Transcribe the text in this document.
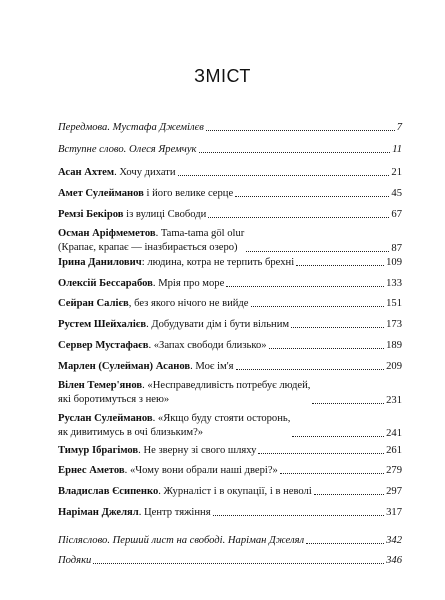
ЗМІСТ
Передмова. Мустафа Джемілєв	7
Вступне слово. Олеся Яремчук	11
Асан Ахтем. Хочу дихати	21
Амет Сулейманов і його велике серце	45
Ремзі Бекіров із вулиці Свободи	67
Осман Аріфмеметов. Tama-tama göl olur
(Крапає, крапає — іназбирається озеро)	87
Ірина Данилович: людина, котра не терпить брехні	109
Олексій Бессарабов. Мрія про море	133
Сейран Салієв, без якого нічого не вийде	151
Рустем Шейхалієв. Добудувати дім і бути вільним	173
Сервер Мустафаєв. «Запах свободи близько»	189
Марлен (Сулейман) Асанов. Моє ім'я	209
Вілен Темер'янов. «Несправедливість потребує людей,
які боротимуться з нею»	231
Руслан Сулейманов. «Якщо буду стояти осторонь,
як дивитимусь в очі близьким?»	241
Тимур Ібрагімов. Не зверну зі свого шляху	261
Ернес Аметов. «Чому вони обрали наші двері?»	279
Владислав Єсипенко. Журналіст і в окупації, і в неволі	297
Наріман Джелял. Центр тяжіння	317
Післяслово. Перший лист на свободі. Наріман Джелял	342
Подяки	346
